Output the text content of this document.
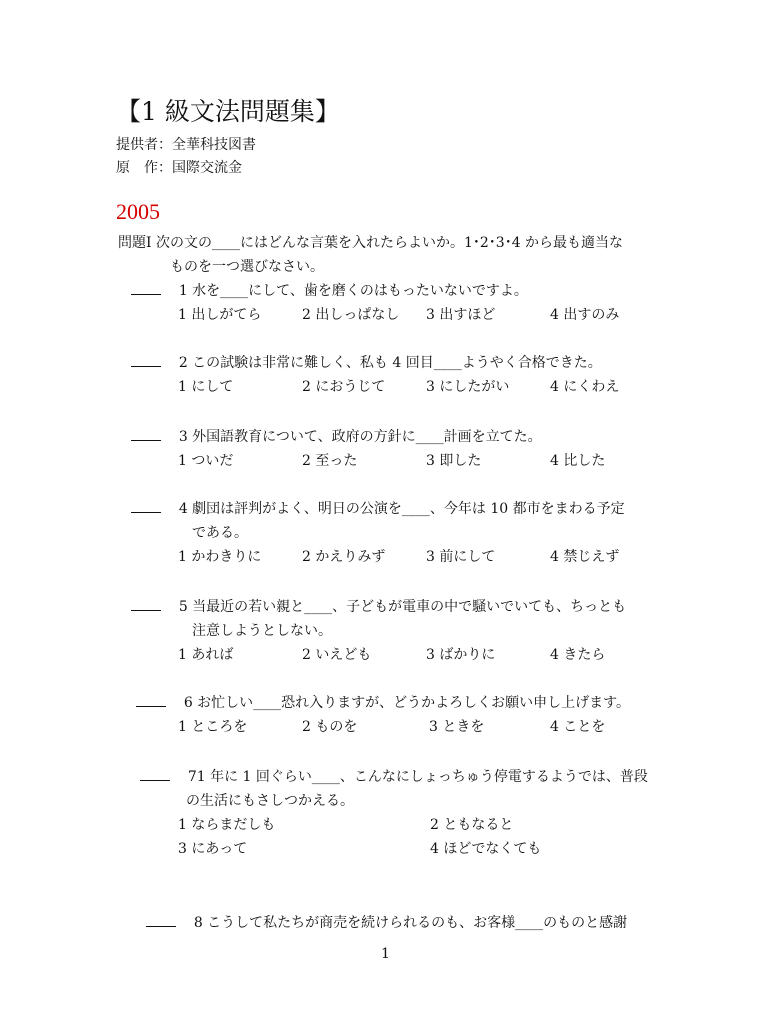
【1 級文法問題集】
提供者：全華科技図書
原　作：国際交流金
2005
問題Ⅰ 次の文の____にはどんな言葉を入れたらよいか。1･2･3･4 から最も適当な
ものを一つ選びなさい。
1 水を____にして、歯を磨くのはもったいないですよ。
1 出しがてら	2 出しっぱなし 3 出すほど	4 出すのみ
2 この試験は非常に難しく、私も 4 回目____ようやく合格できた。
1 にして	2 におうじて	3 にしたがい	4 にくわえ
3 外国語教育について、政府の方針に____計画を立てた。
1 ついだ	2 至った	3 即した	4 比した
4 劇団は評判がよく、明日の公演を____、今年は 10 都市をまわる予定
である。
1 かわきりに	2 かえりみず	3 前にして	4 禁じえず
5 当最近の若い親と____、子どもが電車の中で騒いでいても、ちっとも
注意しようとしない。
1 あれば	2 いえども	3 ばかりに	4 きたら
6 お忙しい____恐れ入りますが、どうかよろしくお願い申し上げます。
1 ところを	2 ものを	3 ときを	4 ことを
71 年に 1 回ぐらい____、こんなにしょっちゅう停電するようでは、普段
の生活にもさしつかえる。
1 ならまだしも	2 ともなると
3 にあって	4 ほどでなくても
8 こうして私たちが商売を続けられるのも、お客様____のものと感謝
1
